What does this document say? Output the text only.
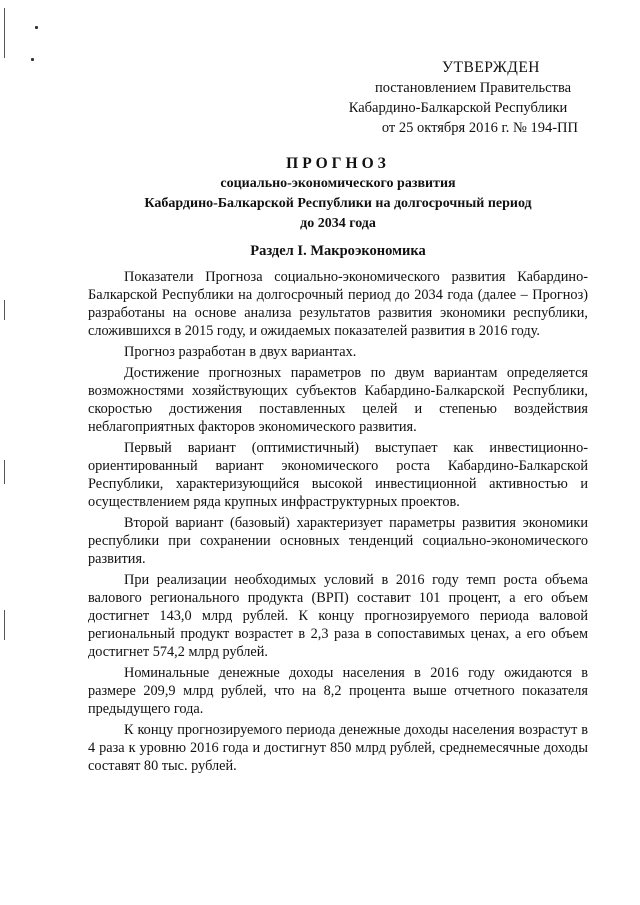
УТВЕРЖДЕН
постановлением Правительства
Кабардино-Балкарской Республики
от 25 октября 2016 г. № 194-ПП
ПРОГНОЗ
социально-экономического развития
Кабардино-Балкарской Республики на долгосрочный период
до 2034 года
Раздел I. Макроэкономика

Показатели Прогноза социально-экономического развития Кабардино-Балкарской Республики на долгосрочный период до 2034 года (далее – Прогноз) разработаны на основе анализа результатов развития экономики республики, сложившихся в 2015 году, и ожидаемых показателей развития в 2016 году.

Прогноз разработан в двух вариантах.

Достижение прогнозных параметров по двум вариантам определяется возможностями хозяйствующих субъектов Кабардино-Балкарской Республики, скоростью достижения поставленных целей и степенью воздействия неблагоприятных факторов экономического развития.

Первый вариант (оптимистичный) выступает как инвестиционно-ориентированный вариант экономического роста Кабардино-Балкарской Республики, характеризующийся высокой инвестиционной активностью и осуществлением ряда крупных инфраструктурных проектов.

Второй вариант (базовый) характеризует параметры развития экономики республики при сохранении основных тенденций социально-экономического развития.

При реализации необходимых условий в 2016 году темп роста объема валового регионального продукта (ВРП) составит 101 процент, а его объем достигнет 143,0 млрд рублей. К концу прогнозируемого периода валовой региональный продукт возрастет в 2,3 раза в сопоставимых ценах, а его объем достигнет 574,2 млрд рублей.

Номинальные денежные доходы населения в 2016 году ожидаются в размере 209,9 млрд рублей, что на 8,2 процента выше отчетного показателя предыдущего года.

К концу прогнозируемого периода денежные доходы населения возрастут в 4 раза к уровню 2016 года и достигнут 850 млрд рублей, среднемесячные доходы составят 80 тыс. рублей.
